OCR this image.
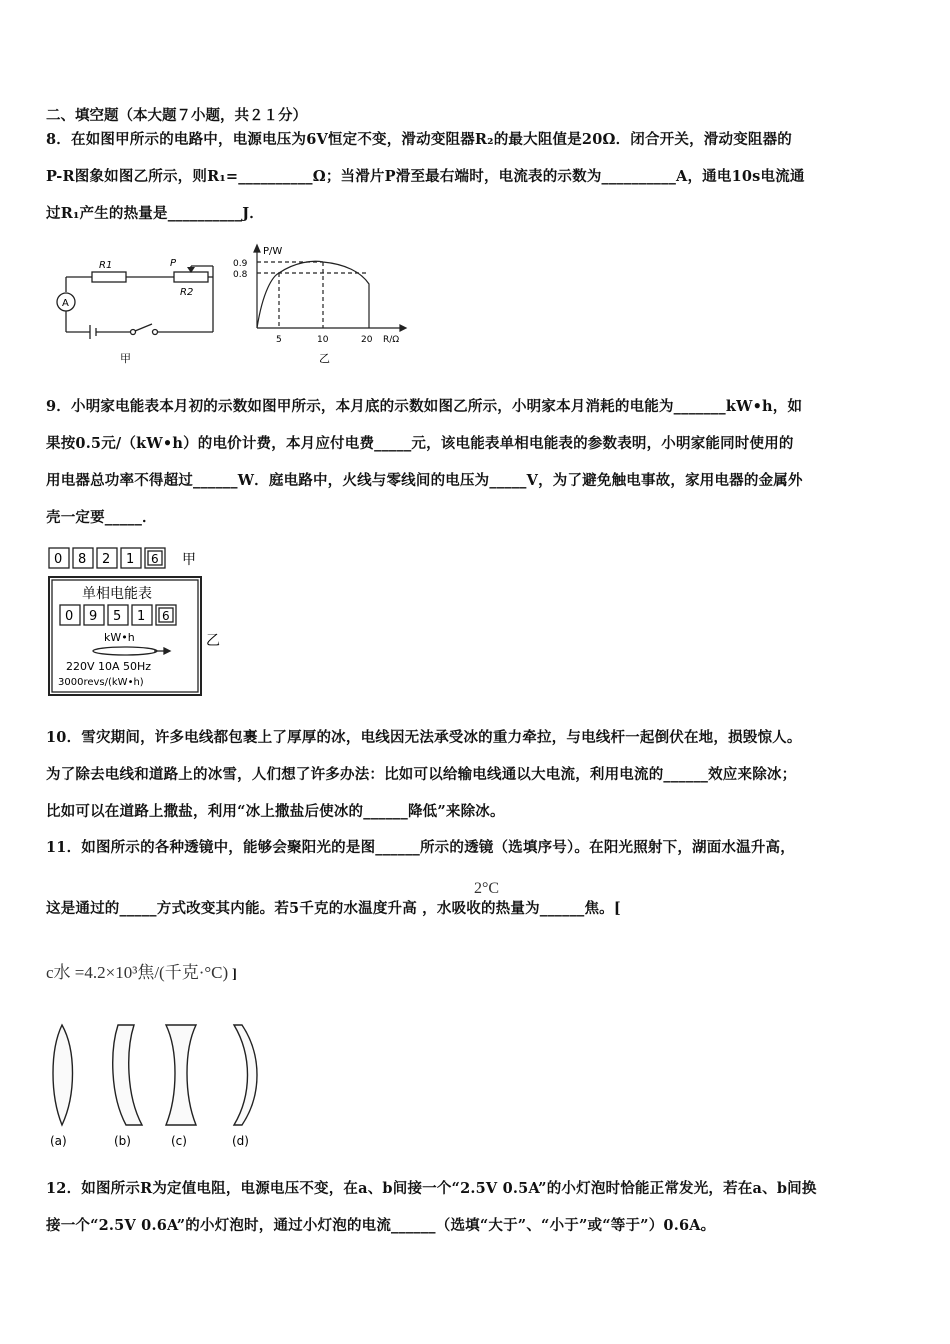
二、填空题（本大题７小题，共２１分）
8．在如图甲所示的电路中，电源电压为6V恒定不变，滑动变阻器R₂的最大阻值是20Ω．闭合开关，滑动变阻器的
P-R图象如图乙所示，则R₁=__________Ω；当滑片P滑至最右端时，电流表的示数为__________A，通电10s电流通
过R₁产生的热量是__________J．
R1
R2
P
A
甲
P/W
0.9
0.8
5	10	20 R/Ω
乙
9．小明家电能表本月初的示数如图甲所示，本月底的示数如图乙所示，小明家本月消耗的电能为_______kW•h，如
果按0.5元/（kW•h）的电价计费，本月应付电费_____元，该电能表单相电能表的参数表明，小明家能同时使用的
用电器总功率不得超过______W．庭电路中，火线与零线间的电压为_____V，为了避免触电事故，家用电器的金属外
壳一定要_____．
0 8 2 1 6 甲
单相电能表
0 9 5 1 6
kW•h
220V 10A 50Hz
3000revs/(kW•h)
乙
10．雪灾期间，许多电线都包裹上了厚厚的冰，电线因无法承受冰的重力牵拉，与电线杆一起倒伏在地，损毁惊人。
为了除去电线和道路上的冰雪，人们想了许多办法：比如可以给输电线通以大电流，利用电流的______效应来除冰；
比如可以在道路上撒盐，利用“冰上撒盐后使冰的______降低”来除冰。
11．如图所示的各种透镜中，能够会聚阳光的是图______所示的透镜（选填序号）。在阳光照射下，湖面水温升高，
这是通过的_____方式改变其内能。若5千克的水温度升高 ，水吸收的热量为______焦。[
2°C
c水 =4.2×10³焦/(千克·°C) ]
(a)	(b)	(c)	(d)
12．如图所示R为定值电阻，电源电压不变，在a、b间接一个“2.5V 0.5A”的小灯泡时恰能正常发光，若在a、b间换
接一个“2.5V 0.6A”的小灯泡时，通过小灯泡的电流______（选填“大于”、“小于”或“等于”）0.6A。
